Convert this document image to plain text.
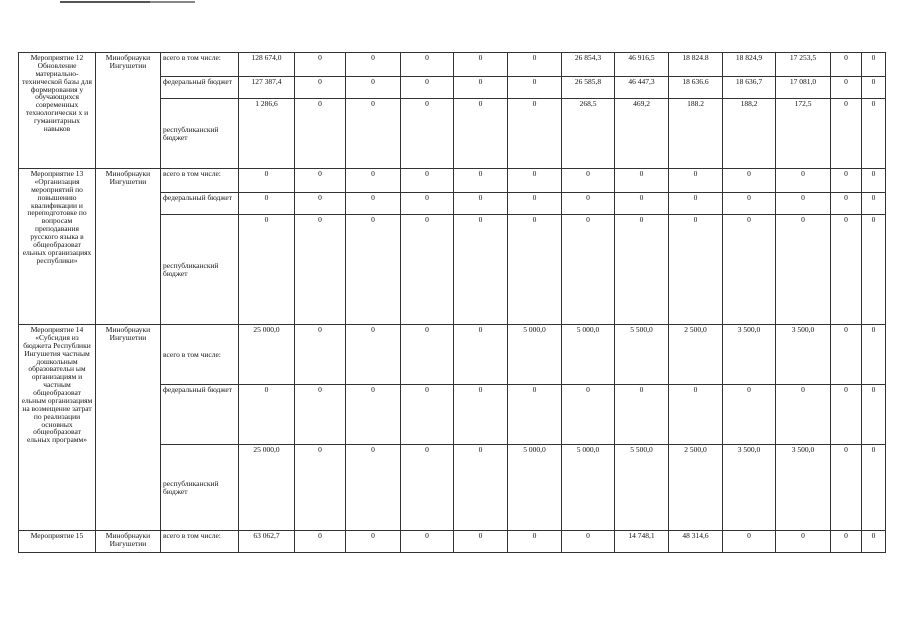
Мероприятие 12 Обновление материально-технической базы для формирования у обучающихся современных технологически х и гуманитарных навыков	Минобрнауки Ингушетии	всего в том числе:	128 674,0	0	0	0	0	0	26 854,3	46 916,5	18 824.8	18 824,9	17 253,5	0	0
		федеральный бюджет	127 387,4	0	0	0	0	0	26 585,8	46 447,3	18 636.6	18 636,7	17 081,0	0	0
		республиканский бюджет	1 286,6	0	0	0	0	0	268,5	469,2	188.2	188,2	172,5	0	0
Мероприятие 13 «Организация мероприятий по повышению квалификации и переподготовке по вопросам преподавания русского языка в общеобразоват ельных организациях республики»	Минобрнауки Ингушетии	всего в том числе:	0	0	0	0	0	0	0	0	0	0	0	0	0
		федеральный бюджет	0	0	0	0	0	0	0	0	0	0	0	0	0
		республиканский бюджет	0	0	0	0	0	0	0	0	0	0	0	0	0
Мероприятие 14 «Субсидия из бюджета Республики Ингушетия частным дошкольным образовательн ым организациям и частным общеобразоват ельным организациям на возмещение затрат по реализации основных общеобразоват ельных программ»	Минобрнауки Ингушетии	всего в том числе:	25 000,0	0	0	0	0	5 000,0	5 000,0	5 500,0	2 500,0	3 500,0	3 500,0	0	0
		федеральный бюджет	0	0	0	0	0	0	0	0	0	0	0	0	0
		республиканский бюджет	25 000,0	0	0	0	0	5 000,0	5 000,0	5 500,0	2 500,0	3 500,0	3 500,0	0	0
Мероприятие 15	Минобрнауки Ингушетии	всего в том числе:	63 062,7	0	0	0	0	0	0	14 748,1	48 314,6	0	0	0	0
